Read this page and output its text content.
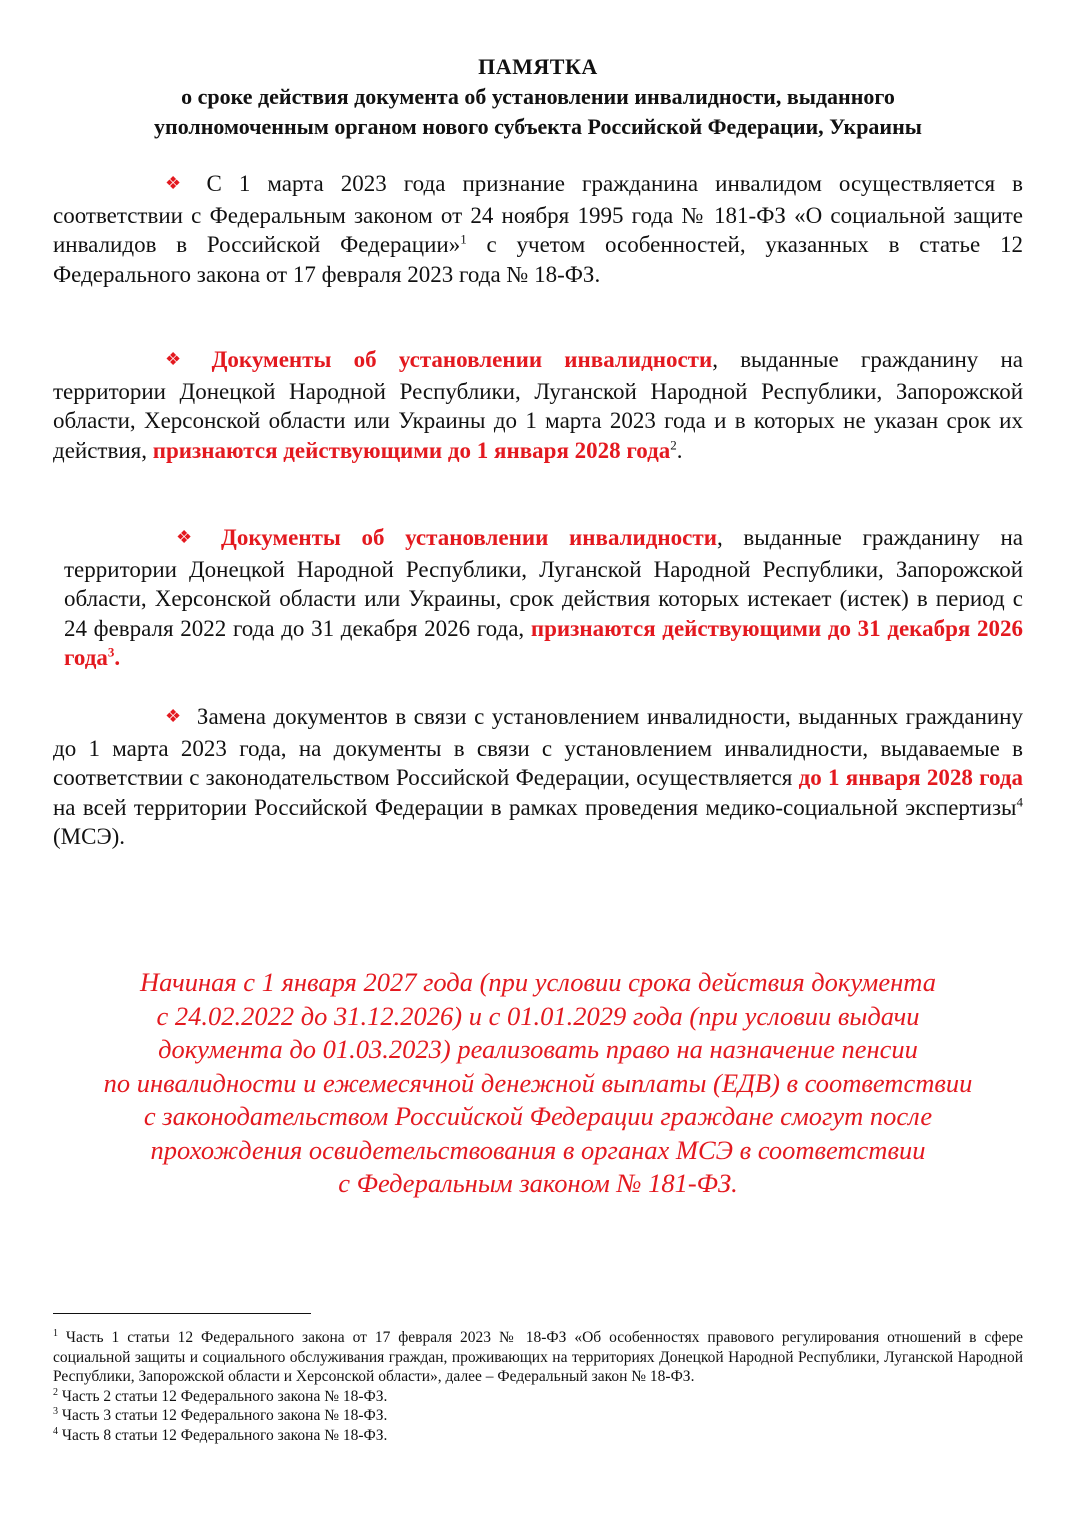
ПАМЯТКА
о сроке действия документа об установлении инвалидности, выданного
уполномоченным органом нового субъекта Российской Федерации, Украины
❖ С 1 марта 2023 года признание гражданина инвалидом осуществляется в соответствии с Федеральным законом от 24 ноября 1995 года № 181-ФЗ «О социальной защите инвалидов в Российской Федерации»$^1$ с учетом особенностей, указанных в статье 12 Федерального закона от 17 февраля 2023 года № 18-ФЗ.
❖ Документы об установлении инвалидности, выданные гражданину на территории Донецкой Народной Республики, Луганской Народной Республики, Запорожской области, Херсонской области или Украины до 1 марта 2023 года и в которых не указан срок их действия, признаются действующими до 1 января 2028 года$^2$.
❖ Документы об установлении инвалидности, выданные гражданину на территории Донецкой Народной Республики, Луганской Народной Республики, Запорожской области, Херсонской области или Украины, срок действия которых истекает (истек) в период с 24 февраля 2022 года до 31 декабря 2026 года, признаются действующими до 31 декабря 2026 года$^3$.
❖ Замена документов в связи с установлением инвалидности, выданных гражданину до 1 марта 2023 года, на документы в связи с установлением инвалидности, выдаваемые в соответствии с законодательством Российской Федерации, осуществляется до 1 января 2028 года на всей территории Российской Федерации в рамках проведения медико-социальной экспертизы$^4$ (МСЭ).
Начиная с 1 января 2027 года (при условии срока действия документа
с 24.02.2022 до 31.12.2026) и с 01.01.2029 года (при условии выдачи
документа до 01.03.2023) реализовать право на назначение пенсии
по инвалидности и ежемесячной денежной выплаты (ЕДВ) в соответствии
с законодательством Российской Федерации граждане смогут после
прохождения освидетельствования в органах МСЭ в соответствии
с Федеральным законом № 181-ФЗ.

$^1$ Часть 1 статьи 12 Федерального закона от 17 февраля 2023 № 18-ФЗ «Об особенностях правового регулирования отношений в сфере социальной защиты и социального обслуживания граждан, проживающих на территориях Донецкой Народной Республики, Луганской Народной Республики, Запорожской области и Херсонской области», далее – Федеральный закон № 18-ФЗ.

$^2$ Часть 2 статьи 12 Федерального закона № 18-ФЗ.

$^3$ Часть 3 статьи 12 Федерального закона № 18-ФЗ.

$^4$ Часть 8 статьи 12 Федерального закона № 18-ФЗ.
